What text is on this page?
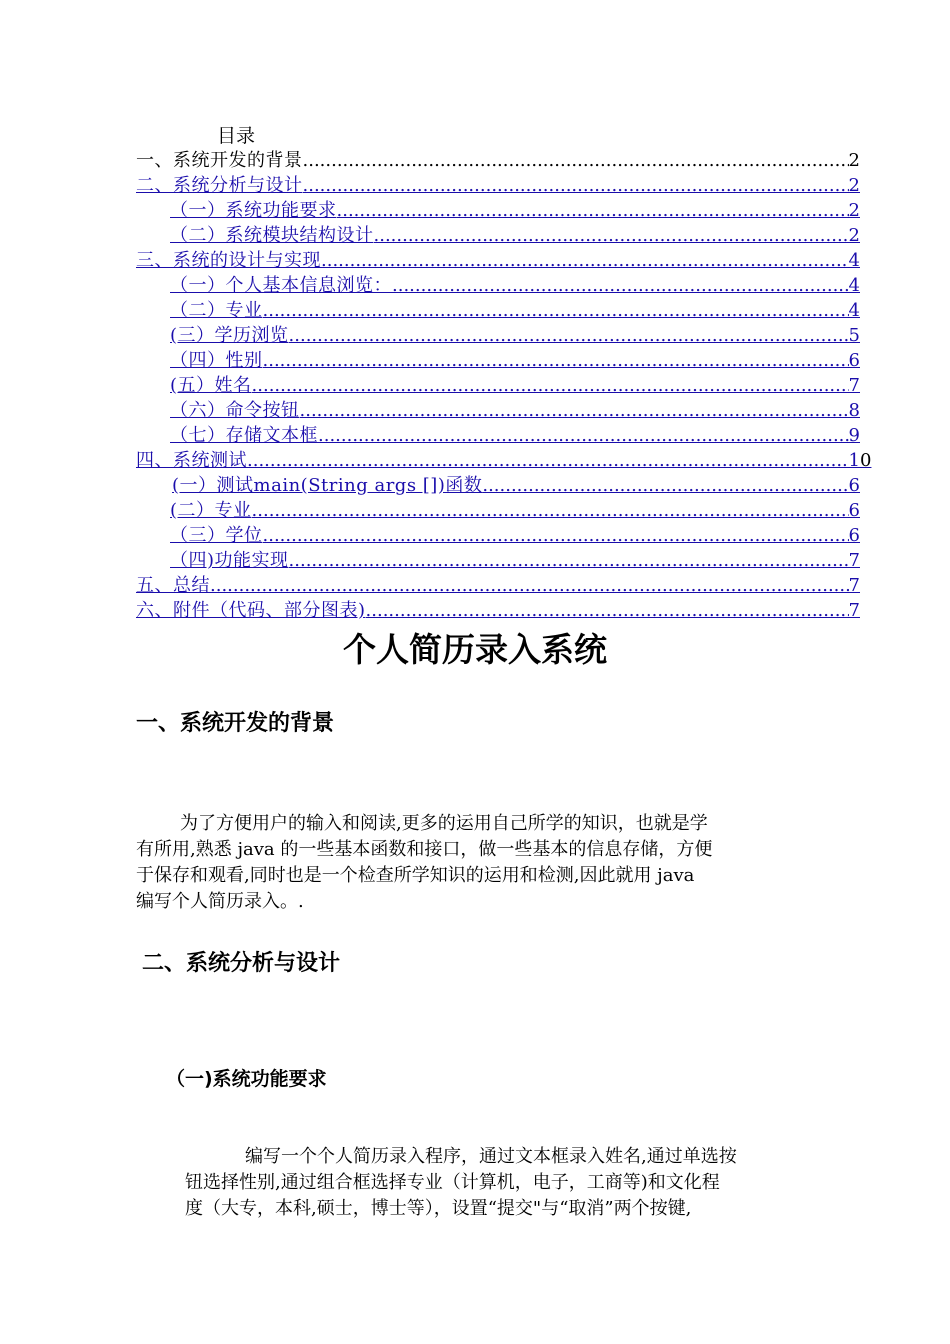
目录
一、系统开发的背景 .....	2
二、系统分析与设计 .....	2
（一）系统功能要求 .....	2
（二）系统模块结构设计 .....	2
三、系统的设计与实现 .....	4
（一）个人基本信息浏览： .....	4
（二）专业 .....	4
(三）学历浏览 .....	5
（四）性别 .....	6
(五）姓名 .....	7
（六）命令按钮 .....	8
（七）存储文本框 .....	9
四、系统测试 .....	1 0
(一）测试main(String args [])函数 .....	6
(二）专业 .....	6
（三）学位 .....	6
（四)功能实现 .....	7
五、总结 .....	7
六、附件（代码、部分图表) .....	7
个人简历录入系统
一、系统开发的背景
为了方便用户的输入和阅读,更多的运用自己所学的知识，也就是学
有所用,熟悉 java 的一些基本函数和接口，做一些基本的信息存储，方便
于保存和观看,同时也是一个检查所学知识的运用和检测,因此就用 java
编写个人简历录入。.
二、系统分析与设计
（一)系统功能要求
编写一个个人简历录入程序，通过文本框录入姓名,通过单选按
钮选择性别,通过组合框选择专业（计算机，电子，工商等)和文化程
度（大专，本科,硕士，博士等），设置“提交"与“取消”两个按键,
